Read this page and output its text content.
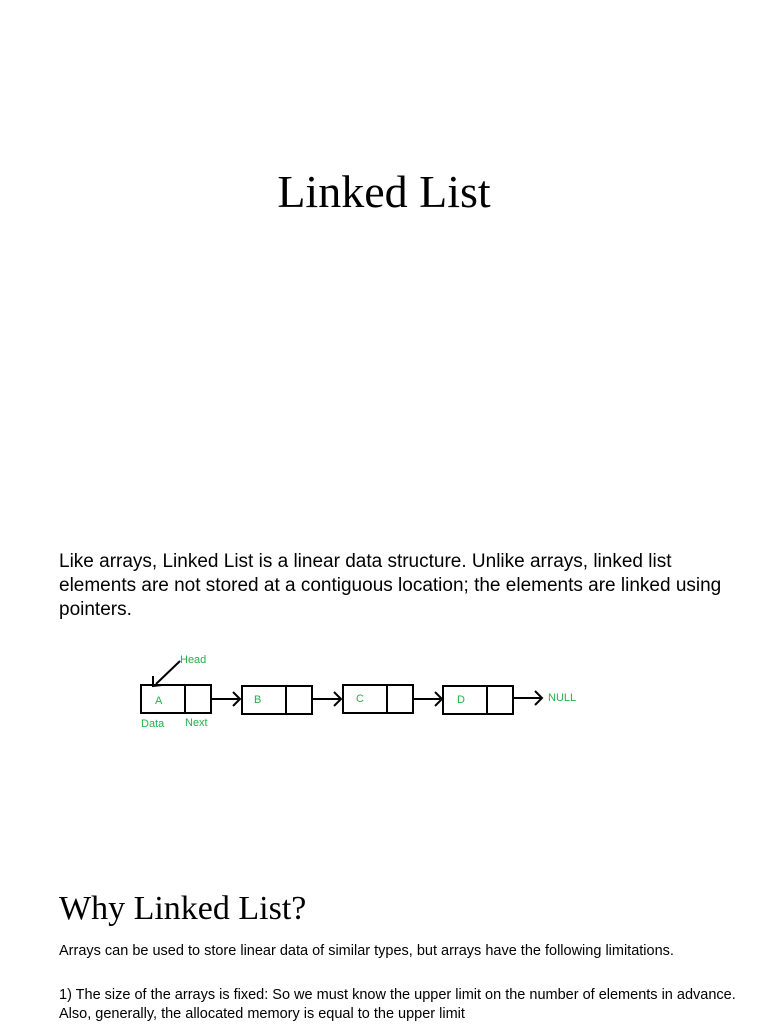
Linked List
Like arrays, Linked List is a linear data structure. Unlike arrays, linked list elements are not stored at a contiguous location; the elements are linked using pointers.
Head
A	B	C	D	NULL
Data Next
Why Linked List?
Arrays can be used to store linear data of similar types, but arrays have the following limitations.
1) The size of the arrays is fixed: So we must know the upper limit on the number of elements in advance. Also, generally, the allocated memory is equal to the upper limit
